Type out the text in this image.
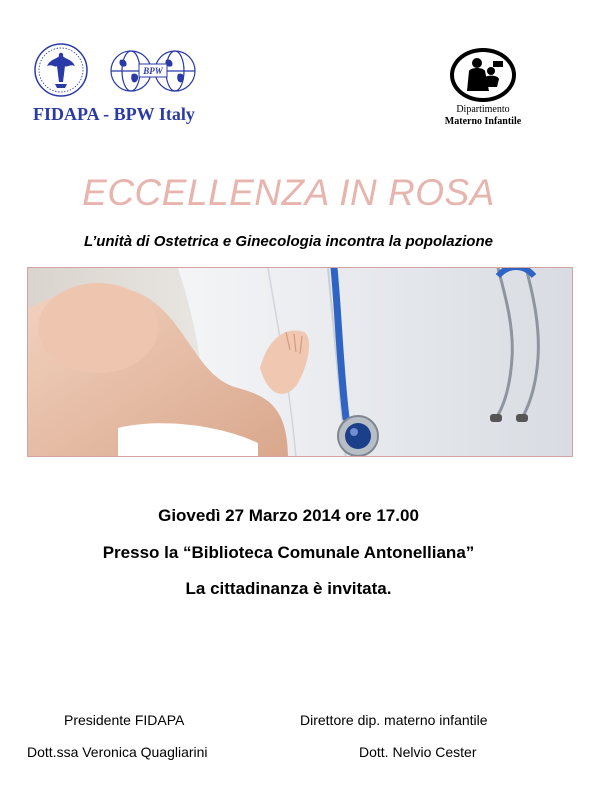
BPW
FIDAPA - BPW Italy	Dipartimento
Materno Infantile
ECCELLENZA IN ROSA
L’unità di Ostetrica e Ginecologia incontra la popolazione
Giovedì 27 Marzo 2014 ore 17.00
Presso la “Biblioteca Comunale Antonelliana”
La cittadinanza è invitata.
Presidente FIDAPA
Dott.ssa Veronica Quagliarini
Direttore dip. materno infantile
Dott. Nelvio Cester
